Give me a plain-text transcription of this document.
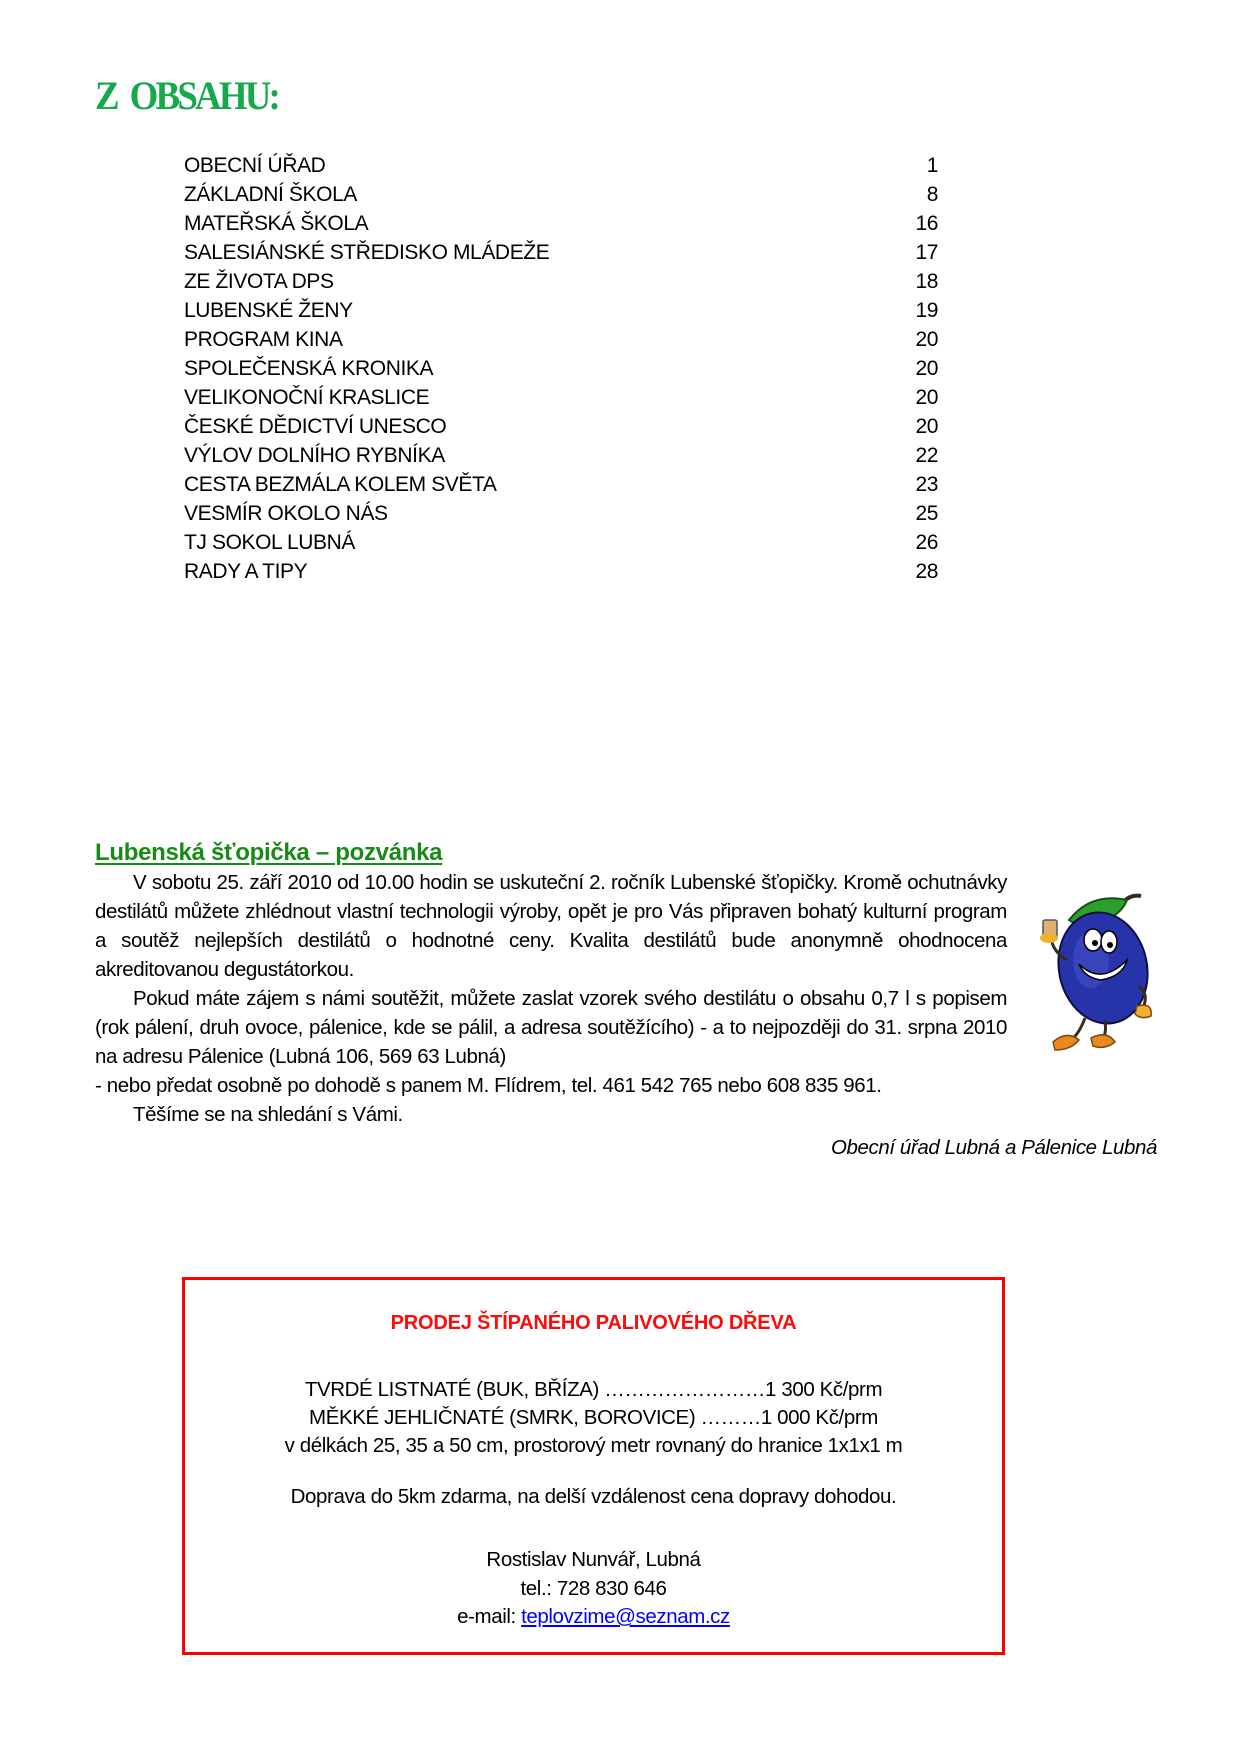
Z  OBSAHU:
OBECNÍ ÚŘAD	1
ZÁKLADNÍ ŠKOLA	8
MATEŘSKÁ ŠKOLA	16
SALESIÁNSKÉ STŘEDISKO MLÁDEŽE	17
ZE ŽIVOTA DPS	18
LUBENSKÉ ŽENY	19
PROGRAM KINA	20
SPOLEČENSKÁ KRONIKA	20
VELIKONOČNÍ KRASLICE	20
ČESKÉ DĚDICTVÍ UNESCO	20
VÝLOV DOLNÍHO RYBNÍKA	22
CESTA BEZMÁLA KOLEM SVĚTA	23
VESMÍR OKOLO NÁS	25
TJ SOKOL LUBNÁ	26
RADY A TIPY	28
Lubenská šťopička – pozvánka

V sobotu 25. září 2010 od 10.00 hodin se uskuteční 2. ročník Lubenské šťopičky. Kromě ochutnávky destilátů můžete zhlédnout vlastní technologii výroby, opět je pro Vás připraven bohatý kulturní program a soutěž nejlepších destilátů o hodnotné ceny. Kvalita destilátů bude anonymně ohodnocena akreditovanou degustátorkou.

Pokud máte zájem s námi soutěžit, můžete zaslat vzorek svého destilátu o obsahu 0,7 l s popisem (rok pálení, druh ovoce, pálenice, kde se pálil, a adresa soutěžícího) - a to nejpozději do 31. srpna 2010 na adresu Pálenice (Lubná 106, 569 63 Lubná)

- nebo předat osobně po dohodě s panem M. Flídrem, tel. 461 542 765 nebo 608 835 961.

Těšíme se na shledání s Vámi.

Obecní úřad Lubná a Pálenice Lubná
PRODEJ ŠTÍPANÉHO PALIVOVÉHO DŘEVA
TVRDÉ LISTNATÉ (BUK, BŘÍZA) ……………………1 300 Kč/prm
MĚKKÉ JEHLIČNATÉ (SMRK, BOROVICE) ………1 000 Kč/prm
v délkách 25, 35 a 50 cm, prostorový metr rovnaný do hranice 1x1x1 m
Doprava do 5km zdarma, na delší vzdálenost cena dopravy dohodou.
Rostislav Nunvář, Lubná
tel.: 728 830 646
e-mail: teplovzime@seznam.cz
